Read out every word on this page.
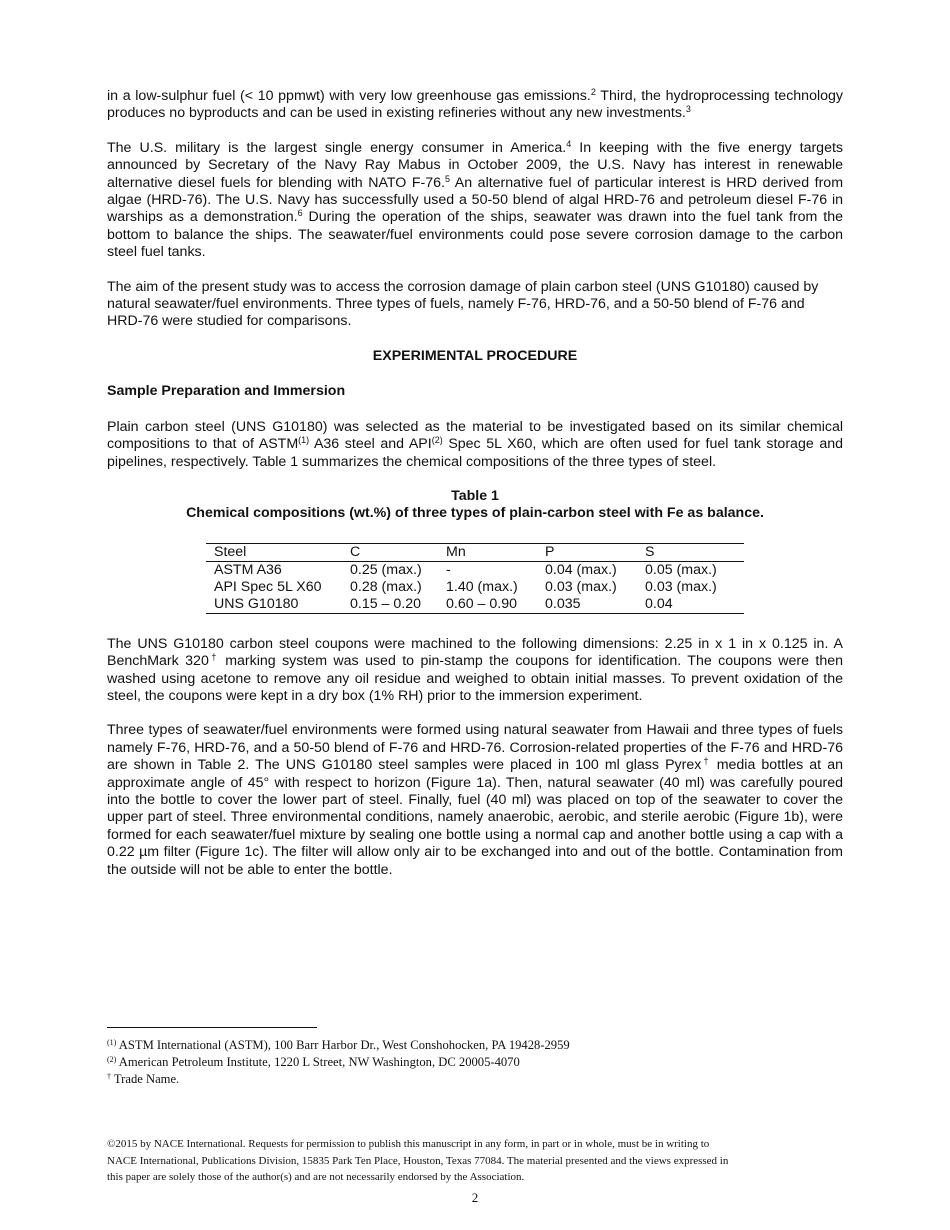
in a low-sulphur fuel (< 10 ppmwt) with very low greenhouse gas emissions.$^2$ Third, the hydroprocessing technology produces no byproducts and can be used in existing refineries without any new investments.$^3$

The U.S. military is the largest single energy consumer in America.$^4$ In keeping with the five energy targets announced by Secretary of the Navy Ray Mabus in October 2009, the U.S. Navy has interest in renewable alternative diesel fuels for blending with NATO F-76.$^5$ An alternative fuel of particular interest is HRD derived from algae (HRD-76). The U.S. Navy has successfully used a 50-50 blend of algal HRD-76 and petroleum diesel F-76 in warships as a demonstration.$^6$ During the operation of the ships, seawater was drawn into the fuel tank from the bottom to balance the ships. The seawater/fuel environments could pose severe corrosion damage to the carbon steel fuel tanks.

The aim of the present study was to access the corrosion damage of plain carbon steel (UNS G10180) caused by natural seawater/fuel environments. Three types of fuels, namely F-76, HRD-76, and a 50-50 blend of F-76 and HRD-76 were studied for comparisons.

EXPERIMENTAL PROCEDURE
Sample Preparation and Immersion

Plain carbon steel (UNS G10180) was selected as the material to be investigated based on its similar chemical compositions to that of ASTM$^{(1)}$ A36 steel and API$^{(2)}$ Spec 5L X60, which are often used for fuel tank storage and pipelines, respectively. Table 1 summarizes the chemical compositions of the three types of steel.

Table 1
Chemical compositions (wt.%) of three types of plain-carbon steel with Fe as balance.
Steel	C	Mn	P	S
ASTM A36	0.25 (max.)	-	0.04 (max.)	0.05 (max.)
API Spec 5L X60	0.28 (max.)	1.40 (max.)	0.03 (max.)	0.03 (max.)
UNS G10180	0.15 – 0.20	0.60 – 0.90	0.035	0.04

The UNS G10180 carbon steel coupons were machined to the following dimensions: 2.25 in x 1 in x 0.125 in. A BenchMark 320† marking system was used to pin-stamp the coupons for identification. The coupons were then washed using acetone to remove any oil residue and weighed to obtain initial masses. To prevent oxidation of the steel, the coupons were kept in a dry box (1% RH) prior to the immersion experiment.

Three types of seawater/fuel environments were formed using natural seawater from Hawaii and three types of fuels namely F-76, HRD-76, and a 50-50 blend of F-76 and HRD-76. Corrosion-related properties of the F-76 and HRD-76 are shown in Table 2. The UNS G10180 steel samples were placed in 100 ml glass Pyrex† media bottles at an approximate angle of 45° with respect to horizon (Figure 1a). Then, natural seawater (40 ml) was carefully poured into the bottle to cover the lower part of steel. Finally, fuel (40 ml) was placed on top of the seawater to cover the upper part of steel. Three environmental conditions, namely anaerobic, aerobic, and sterile aerobic (Figure 1b), were formed for each seawater/fuel mixture by sealing one bottle using a normal cap and another bottle using a cap with a 0.22 µm filter (Figure 1c). The filter will allow only air to be exchanged into and out of the bottle. Contamination from the outside will not be able to enter the bottle.

$^{(1)}$ ASTM International (ASTM), 100 Barr Harbor Dr., West Conshohocken, PA 19428-2959
$^{(2)}$ American Petroleum Institute, 1220 L Street, NW Washington, DC 20005-4070
† Trade Name.
©2015 by NACE International. Requests for permission to publish this manuscript in any form, in part or in whole, must be in writing to
NACE International, Publications Division, 15835 Park Ten Place, Houston, Texas 77084. The material presented and the views expressed in
this paper are solely those of the author(s) and are not necessarily endorsed by the Association.
2
